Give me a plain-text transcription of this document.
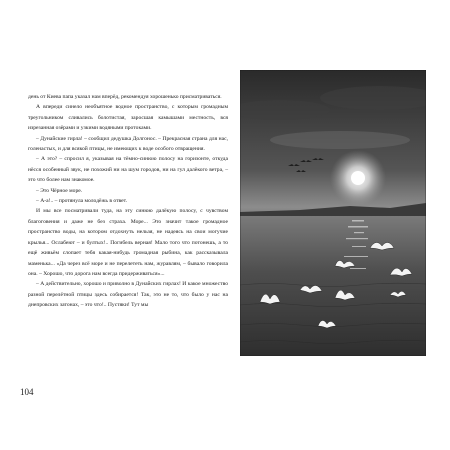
день от Киева папа указал нам вперёд, рекомендуя хорошенько присматриваться.

А впереди синело необъятное водное пространство, с которым громадным треугольником сливались болотистая, заросшая камышами местность, вся изрезанная озёрами и узкими водяными протоками.

– Дунайские гирла! – сообщил дедушка Долгонос. – Прекрасная страна для нас, голенастых, и для всякой птицы, не имеющих к воде особого отвращения.

– А это? – спросил я, указывая на тёмно-синюю полосу на горизонте, откуда нёсся особенный звук, не похожий ни на шум городов, ни на гул далёкого ветра, – это что более нам знакомое.

– Это Чёрное море.

– А-а!.. – протянула молодёжь в ответ.

И мы все посматривали туда, на эту синюю далёкую полосу, с чувством благоговения и даже не без страха. Море... Это значит такое громадное пространство воды, на котором отдохнуть нельзя, не надеясь на свои могучие крылья... Ослабеют – и бултых!.. Погибель верная! Мало того что потонешь, а то ещё живьём слопает тебя какая-нибудь громадная рыбина, как рассказывала маменька... «Да через всё море и не перелететь нам, журавлям, – бывало говорила она. – Хорошо, что дорога нам всегда придерживаться»...

– А действительно, хорошо и приволно в Дунайских гирлах! И какое множество разной перелётной птицы здесь собирается! Так, это не то, что было у нас на днепровских затонах, – это что!.. Пустяки! Тут мы

104
